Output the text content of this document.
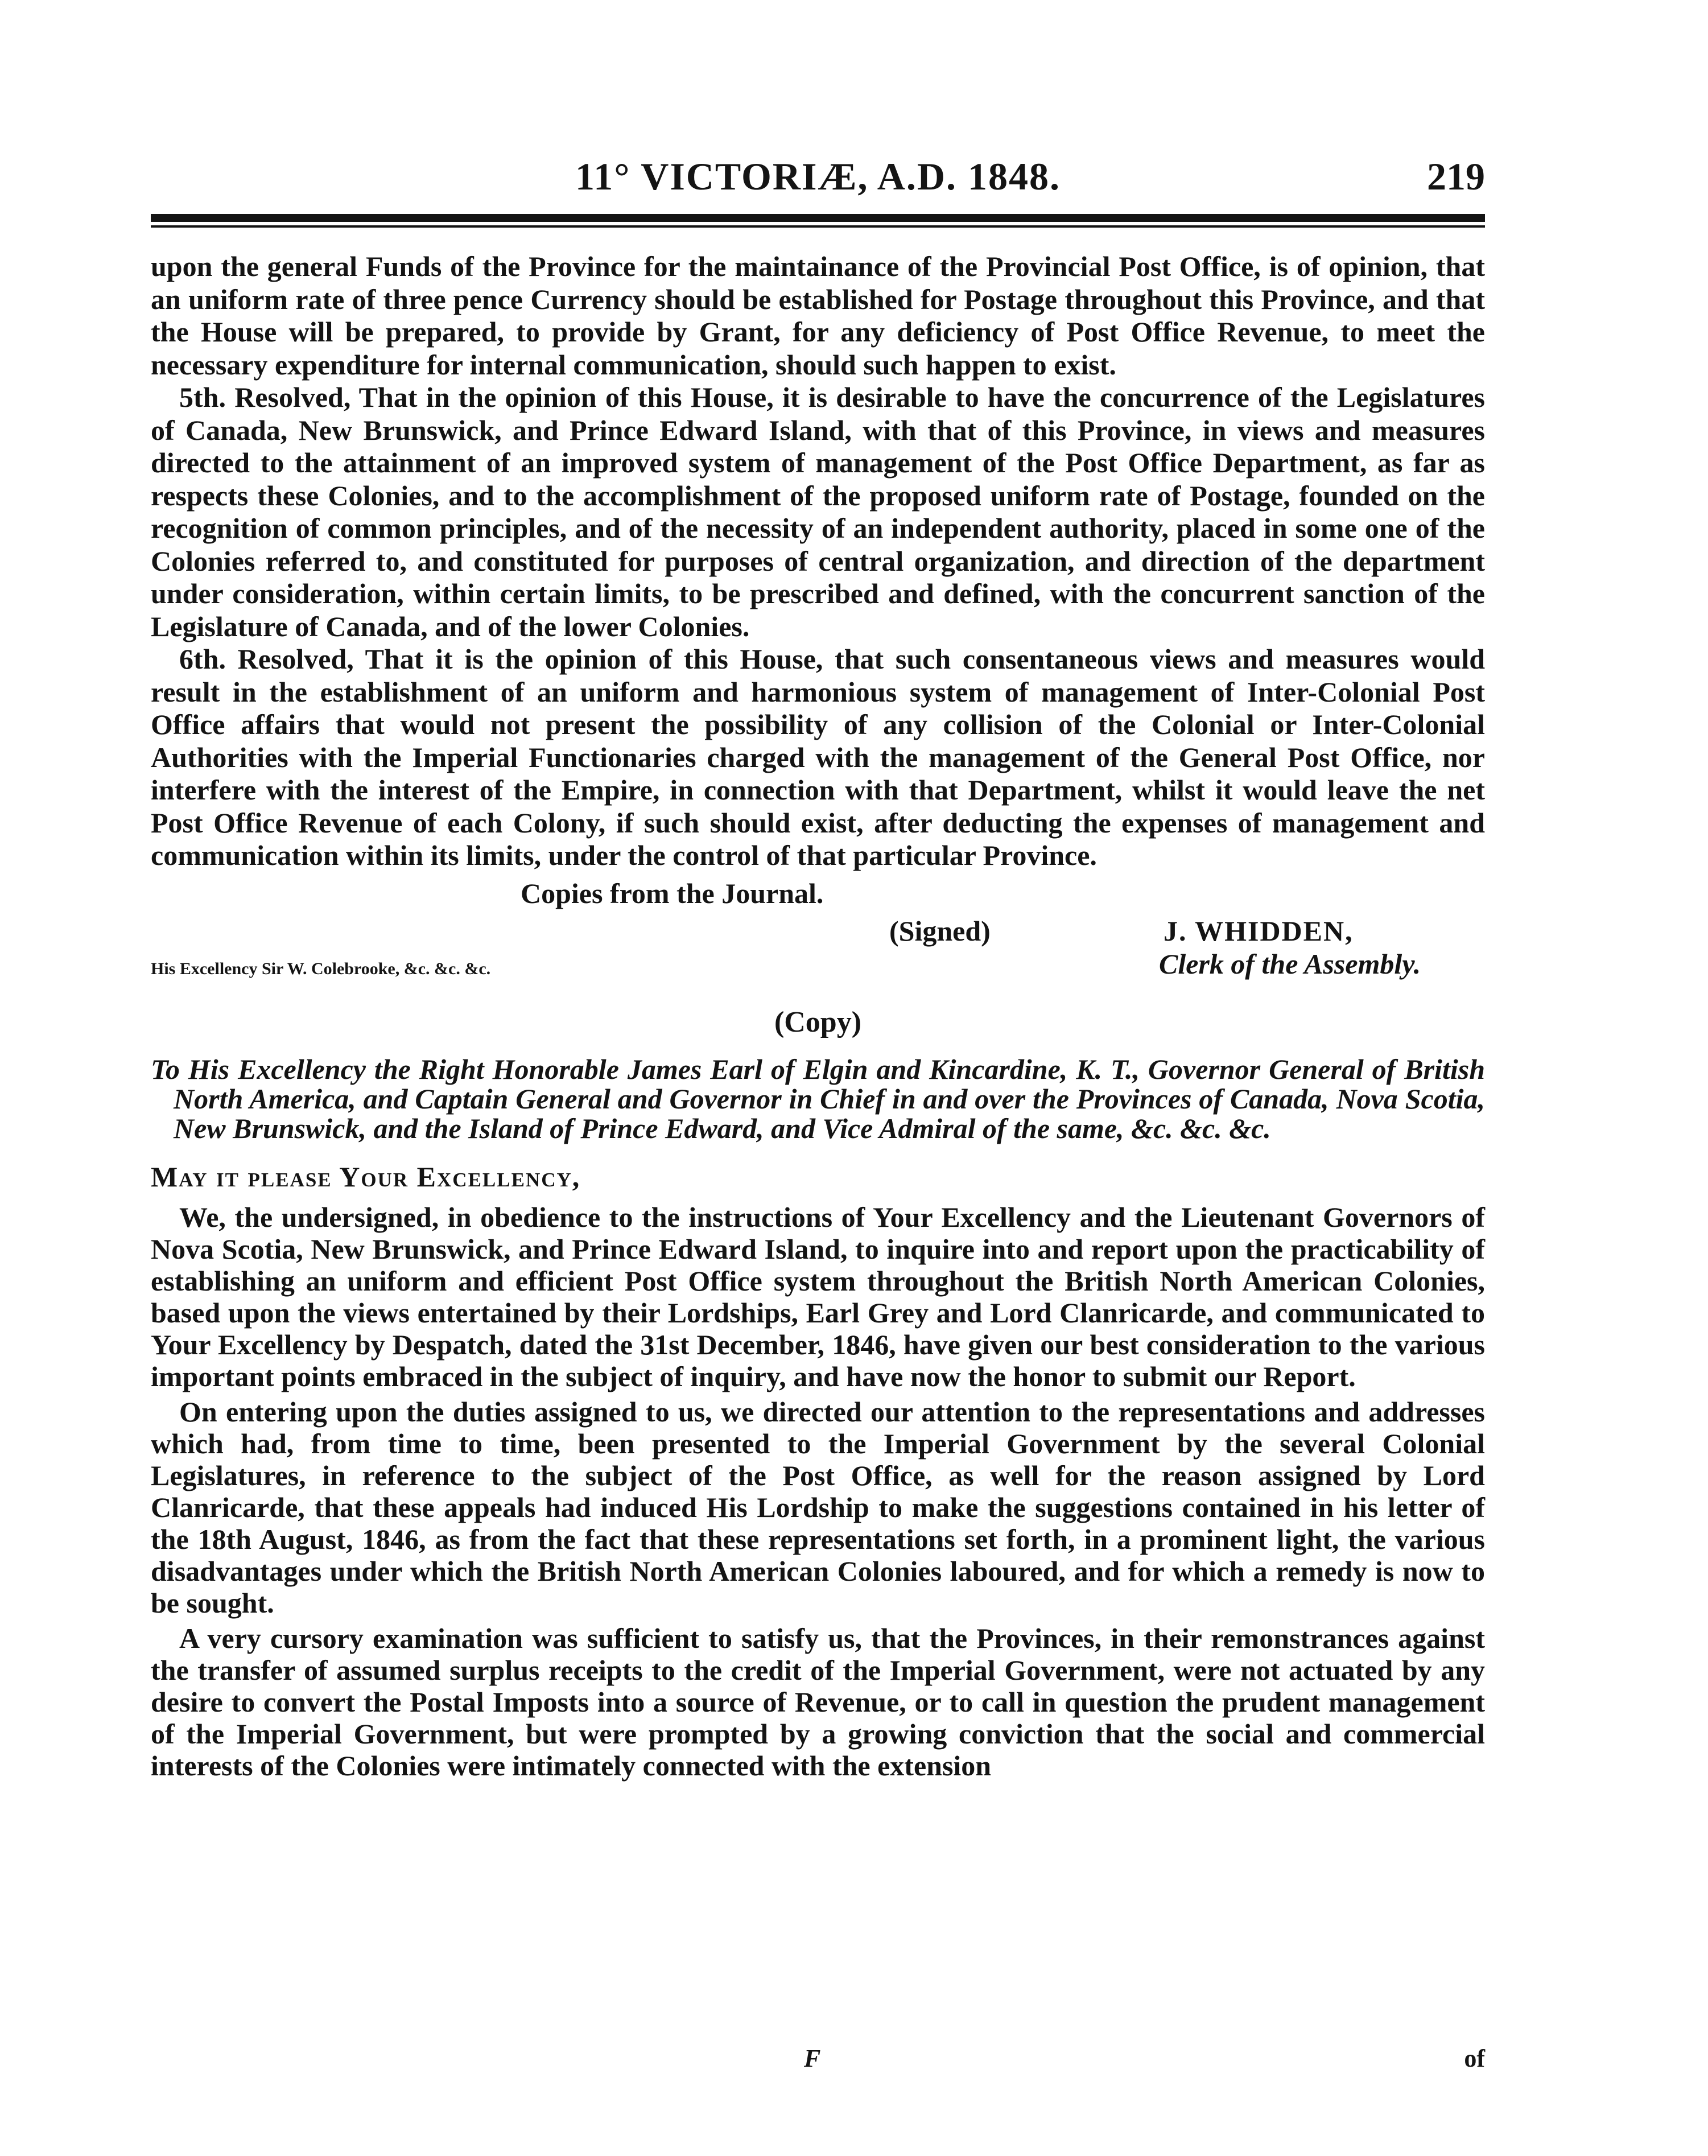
11° VICTORIÆ, A.D. 1848.	219

upon the general Funds of the Province for the maintainance of the Provincial Post Office, is of opinion, that an uniform rate of three pence Currency should be established for Postage throughout this Province, and that the House will be prepared, to provide by Grant, for any deficiency of Post Office Revenue, to meet the necessary expenditure for internal communication, should such happen to exist.

5th. Resolved, That in the opinion of this House, it is desirable to have the concurrence of the Legislatures of Canada, New Brunswick, and Prince Edward Island, with that of this Province, in views and measures directed to the attainment of an improved system of management of the Post Office Department, as far as respects these Colonies, and to the accomplishment of the proposed uniform rate of Postage, founded on the recognition of common principles, and of the necessity of an independent authority, placed in some one of the Colonies referred to, and constituted for purposes of central organization, and direction of the department under consideration, within certain limits, to be prescribed and defined, with the concurrent sanction of the Legislature of Canada, and of the lower Colonies.

6th. Resolved, That it is the opinion of this House, that such consentaneous views and measures would result in the establishment of an uniform and harmonious system of management of Inter-Colonial Post Office affairs that would not present the possibility of any collision of the Colonial or Inter-Colonial Authorities with the Imperial Functionaries charged with the management of the General Post Office, nor interfere with the interest of the Empire, in connection with that Department, whilst it would leave the net Post Office Revenue of each Colony, if such should exist, after deducting the expenses of management and communication within its limits, under the control of that particular Province.

Copies from the Journal.
(Signed)	J. WHIDDEN,
His Excellency Sir W. Colebrooke, &c. &c. &c.	Clerk of the Assembly.
(Copy)

To His Excellency the Right Honorable James Earl of Elgin and Kincardine, K. T., Governor General of British North America, and Captain General and Governor in Chief in and over the Provinces of Canada, Nova Scotia, New Brunswick, and the Island of Prince Edward, and Vice Admiral of the same, &c. &c. &c.

May it please Your Excellency,

We, the undersigned, in obedience to the instructions of Your Excellency and the Lieutenant Governors of Nova Scotia, New Brunswick, and Prince Edward Island, to inquire into and report upon the practicability of establishing an uniform and efficient Post Office system throughout the British North American Colonies, based upon the views entertained by their Lordships, Earl Grey and Lord Clanricarde, and communicated to Your Excellency by Despatch, dated the 31st December, 1846, have given our best consideration to the various important points embraced in the subject of inquiry, and have now the honor to submit our Report.

On entering upon the duties assigned to us, we directed our attention to the representations and addresses which had, from time to time, been presented to the Imperial Government by the several Colonial Legislatures, in reference to the subject of the Post Office, as well for the reason assigned by Lord Clanricarde, that these appeals had induced His Lordship to make the suggestions contained in his letter of the 18th August, 1846, as from the fact that these representations set forth, in a prominent light, the various disadvantages under which the British North American Colonies laboured, and for which a remedy is now to be sought.

A very cursory examination was sufficient to satisfy us, that the Provinces, in their remonstrances against the transfer of assumed surplus receipts to the credit of the Imperial Government, were not actuated by any desire to convert the Postal Imposts into a source of Revenue, or to call in question the prudent management of the Imperial Government, but were prompted by a growing conviction that the social and commercial interests of the Colonies were intimately connected with the extension

F	of
